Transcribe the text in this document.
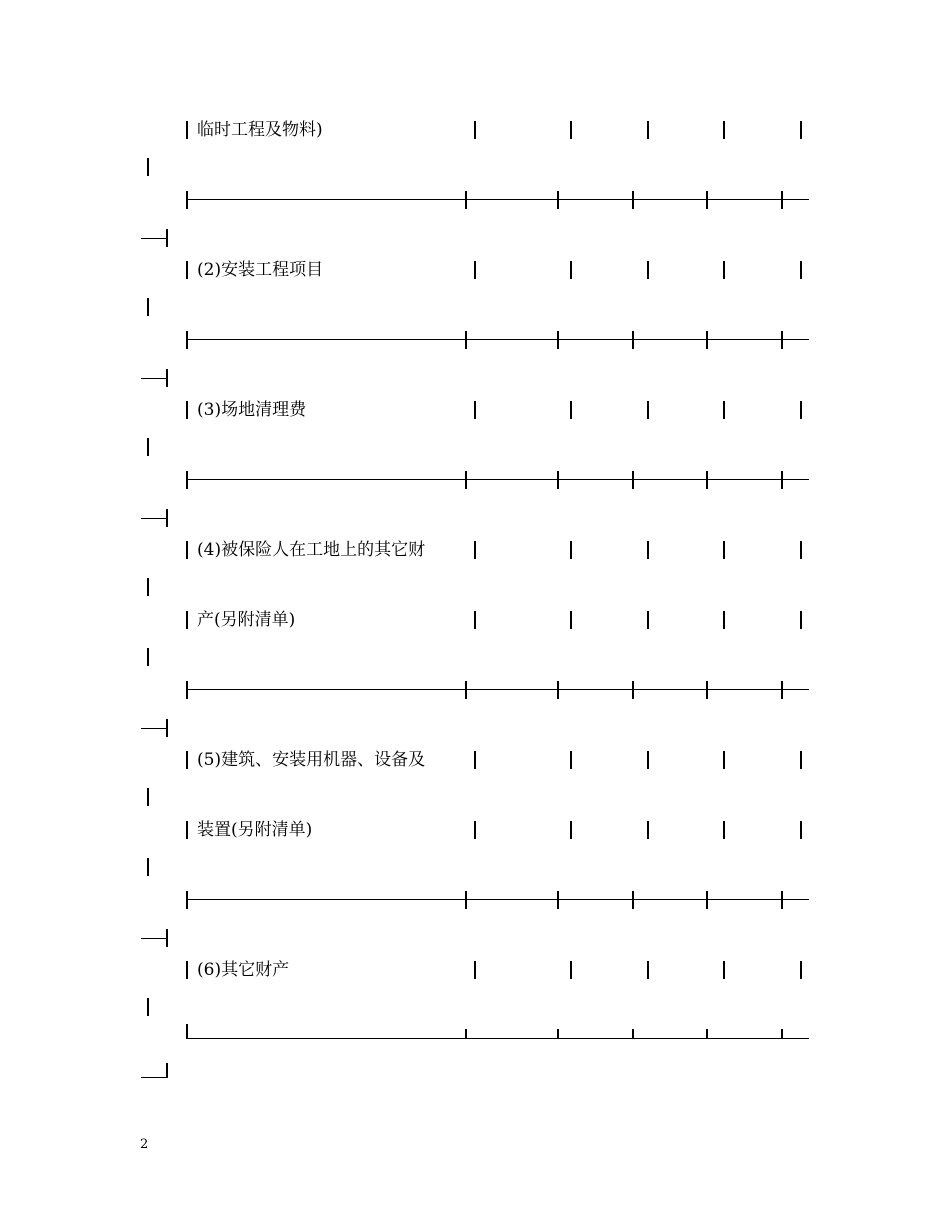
临时工程及物料)
(2)安装工程项目
(3)场地清理费
(4)被保险人在工地上的其它财
产(另附清单)
(5)建筑、安装用机器、设备及
装置(另附清单)
(6)其它财产
2
